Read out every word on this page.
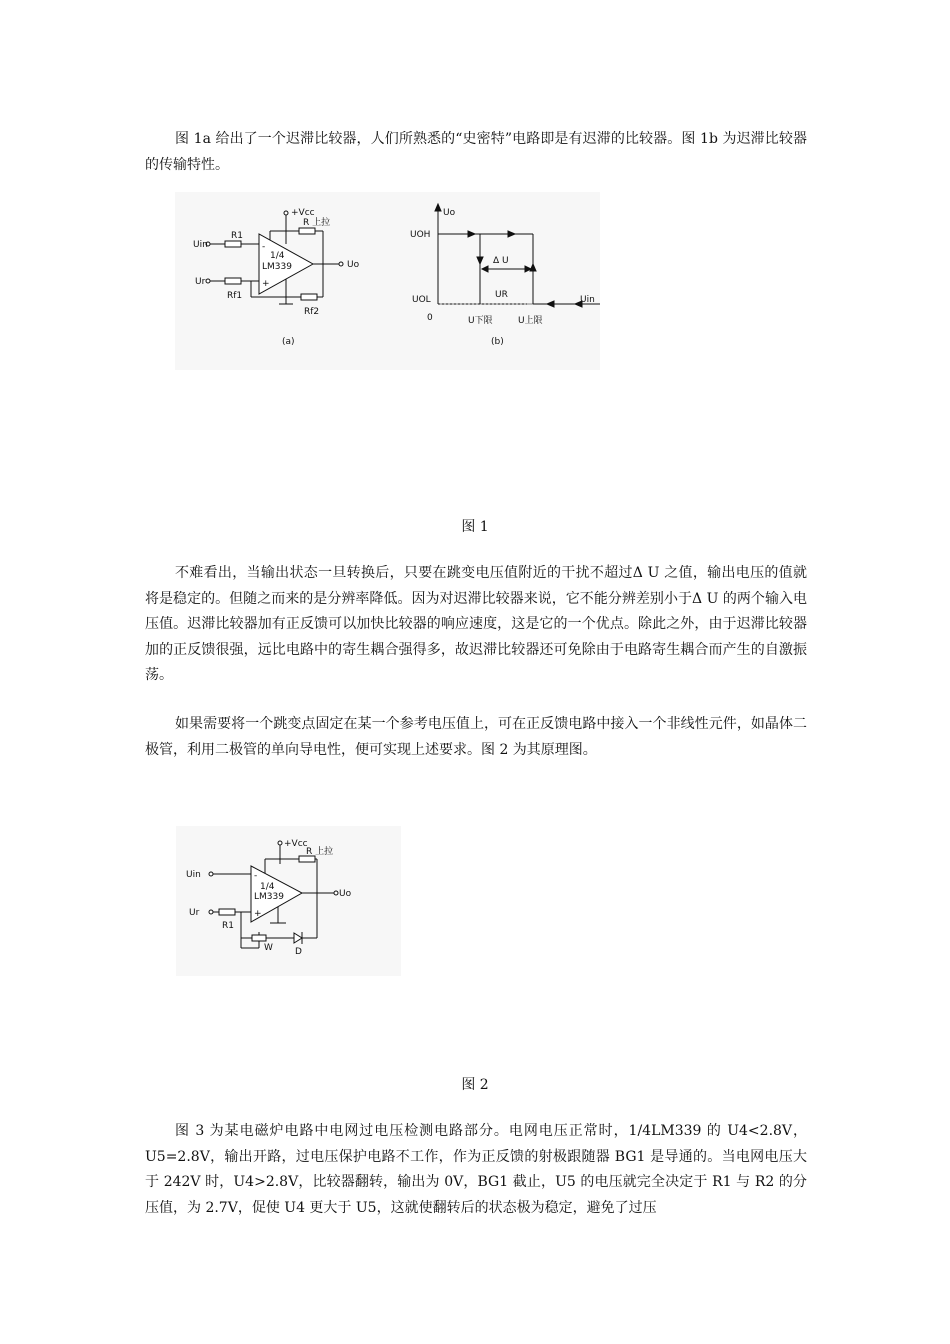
图 1a 给出了一个迟滞比较器，人们所熟悉的“史密特”电路即是有迟滞的比较器。图 1b 为迟滞比较器的传输特性。

+Vcc
R 上拉
R1
Uin
Ur
Rf1
Rf2
Uo
1/4
LM339
-
+
(a)
Uo
UOH
UOL
0
Δ U
UR	Uin
U下限	U上限
(b)
图 1

不难看出，当输出状态一旦转换后，只要在跳变电压值附近的干扰不超过Δ U 之值，输出电压的值就将是稳定的。但随之而来的是分辨率降低。因为对迟滞比较器来说，它不能分辨差别小于Δ U 的两个输入电压值。迟滞比较器加有正反馈可以加快比较器的响应速度，这是它的一个优点。除此之外，由于迟滞比较器加的正反馈很强，远比电路中的寄生耦合强得多，故迟滞比较器还可免除由于电路寄生耦合而产生的自激振荡。

如果需要将一个跳变点固定在某一个参考电压值上，可在正反馈电路中接入一个非线性元件，如晶体二极管，利用二极管的单向导电性，便可实现上述要求。图 2 为其原理图。

+Vcc
R 上拉
Uin
Ur
Uo
R1
W D
1/4
LM339
-
+
图 2

图 3 为某电磁炉电路中电网过电压检测电路部分。电网电压正常时，1/4LM339 的 U4<2.8V，U5=2.8V，输出开路，过电压保护电路不工作，作为正反馈的射极跟随器 BG1 是导通的。当电网电压大于 242V 时，U4>2.8V，比较器翻转，输出为 0V，BG1 截止，U5 的电压就完全决定于 R1 与 R2 的分压值，为 2.7V，促使 U4 更大于 U5，这就使翻转后的状态极为稳定，避免了过压
